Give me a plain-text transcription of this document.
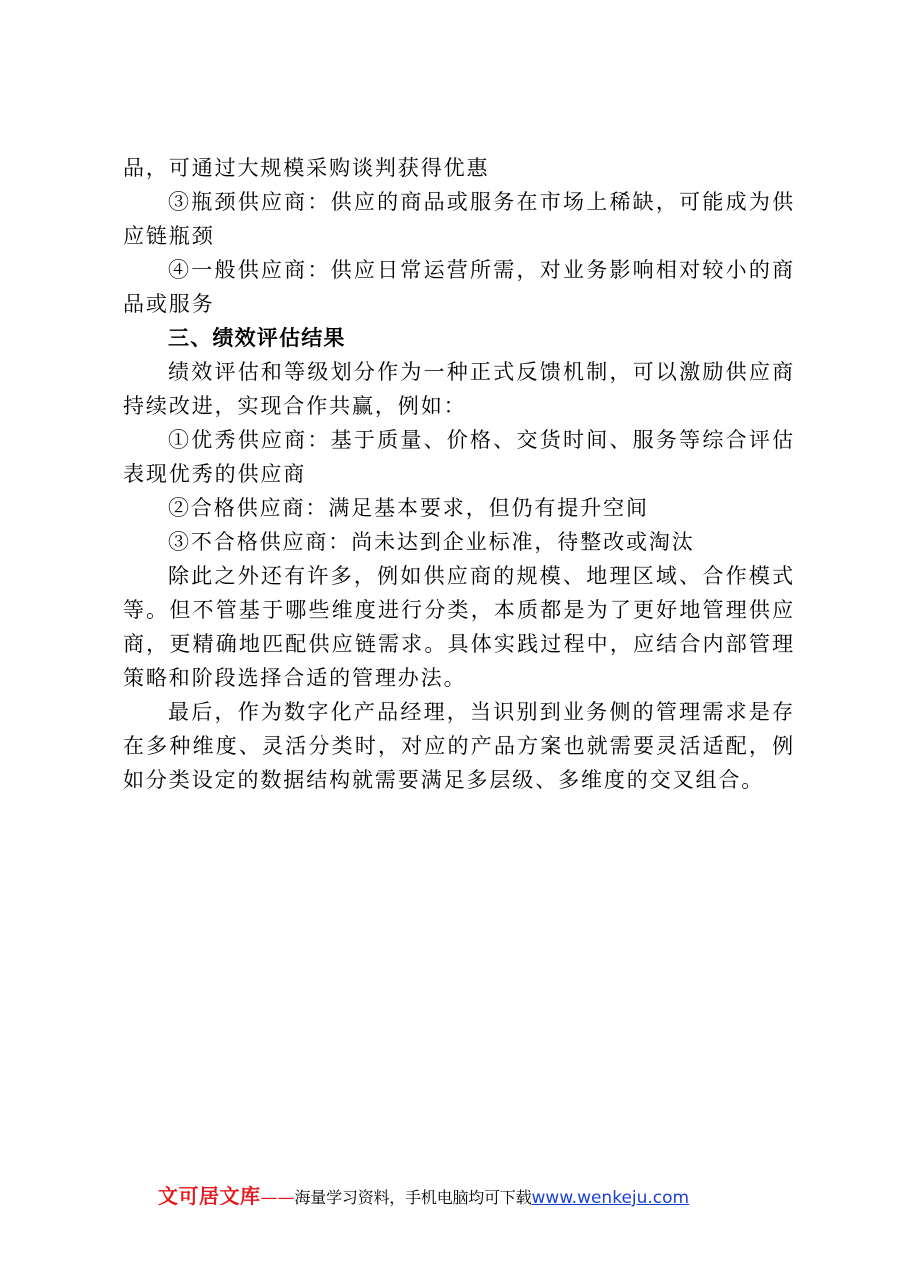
品，可通过大规模采购谈判获得优惠

③瓶颈供应商：供应的商品或服务在市场上稀缺，可能成为供应链瓶颈

④一般供应商：供应日常运营所需，对业务影响相对较小的商品或服务

三、绩效评估结果

绩效评估和等级划分作为一种正式反馈机制，可以激励供应商持续改进，实现合作共赢，例如：

①优秀供应商：基于质量、价格、交货时间、服务等综合评估表现优秀的供应商

②合格供应商：满足基本要求，但仍有提升空间

③不合格供应商：尚未达到企业标准，待整改或淘汰

除此之外还有许多，例如供应商的规模、地理区域、合作模式等。但不管基于哪些维度进行分类，本质都是为了更好地管理供应商，更精确地匹配供应链需求。具体实践过程中，应结合内部管理策略和阶段选择合适的管理办法。

最后，作为数字化产品经理，当识别到业务侧的管理需求是存在多种维度、灵活分类时，对应的产品方案也就需要灵活适配，例如分类设定的数据结构就需要满足多层级、多维度的交叉组合。

文可居文库——海量学习资料，手机电脑均可下载www.wenkeju.com
